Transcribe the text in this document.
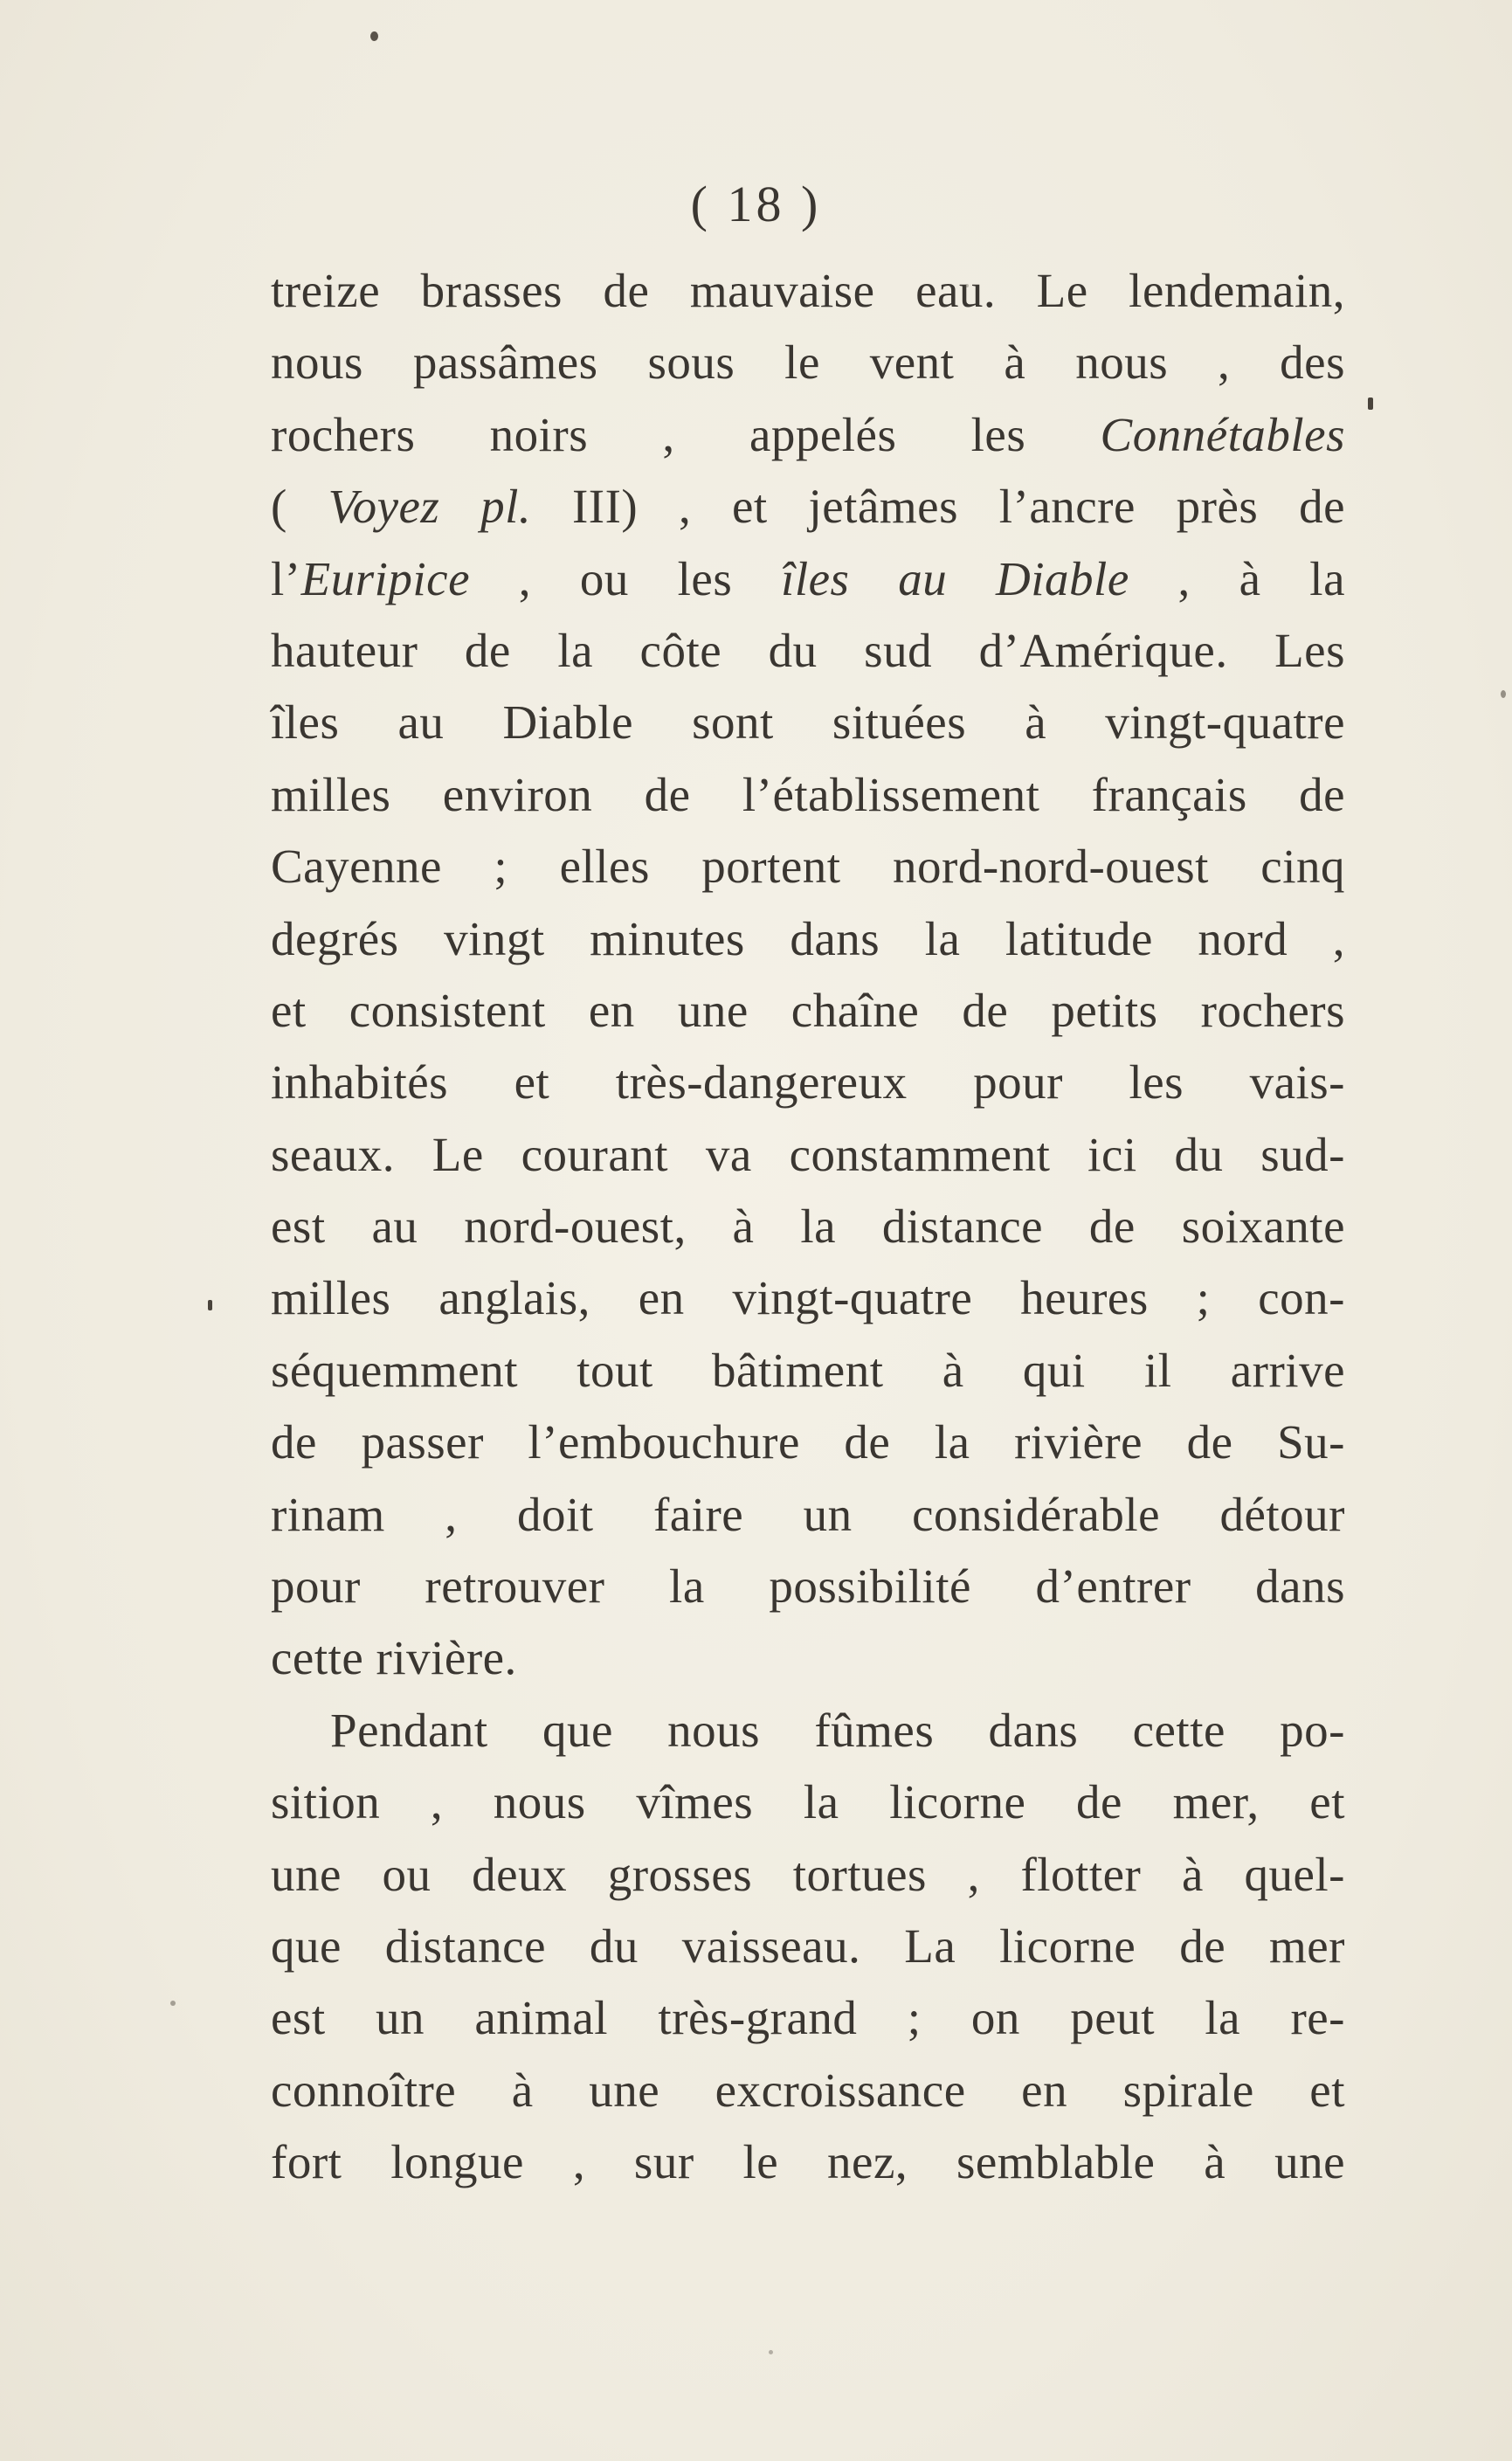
( 18 )
treize brasses de mauvaise eau. Le lendemain,
nous passâmes sous le vent à nous , des
rochers noirs , appelés les Connétables
( Voyez pl. III) , et jetâmes l’ancre près de
l’Euripice , ou les îles au Diable , à la
hauteur de la côte du sud d’Amérique. Les
îles au Diable sont situées à vingt-quatre
milles environ de l’établissement français de
Cayenne ; elles portent nord-nord-ouest cinq
degrés vingt minutes dans la latitude nord ,
et consistent en une chaîne de petits rochers
inhabités et très-dangereux pour les vais-
seaux. Le courant va constamment ici du sud-
est au nord-ouest, à la distance de soixante
milles anglais, en vingt-quatre heures ; con-
séquemment tout bâtiment à qui il arrive
de passer l’embouchure de la rivière de Su-
rinam , doit faire un considérable détour
pour retrouver la possibilité d’entrer dans
cette rivière.
Pendant que nous fûmes dans cette po-
sition , nous vîmes la licorne de mer, et
une ou deux grosses tortues , flotter à quel-
que distance du vaisseau. La licorne de mer
est un animal très-grand ; on peut la re-
connoître à une excroissance en spirale et
fort longue , sur le nez, semblable à une
